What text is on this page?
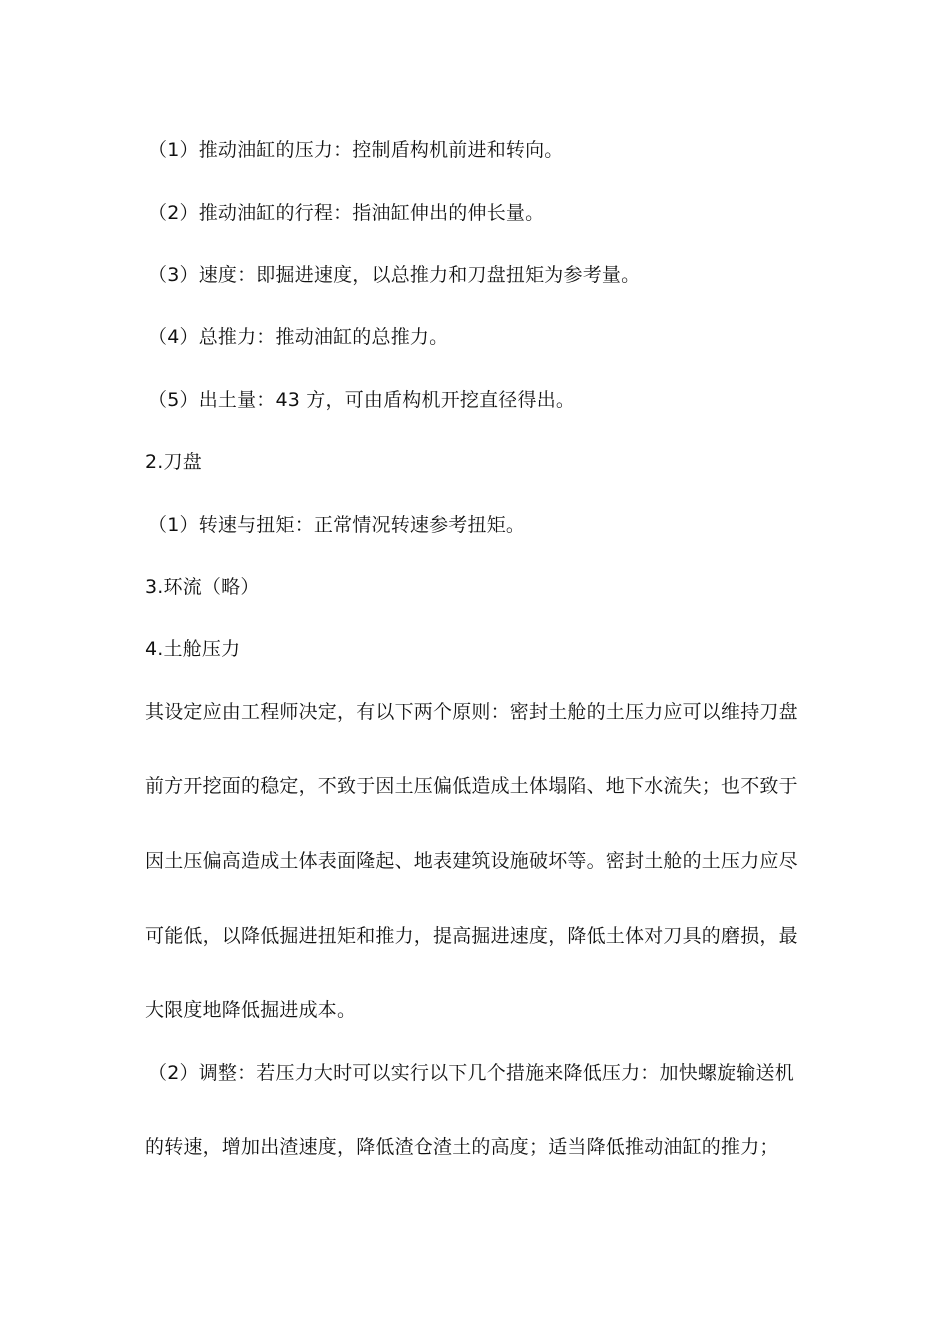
（1）推动油缸的压力：控制盾构机前进和转向。
（2）推动油缸的行程：指油缸伸出的伸长量。
（3）速度：即掘进速度，以总推力和刀盘扭矩为参考量。
（4）总推力：推动油缸的总推力。
（5）出土量：43 方，可由盾构机开挖直径得出。
2.刀盘
（1）转速与扭矩：正常情况转速参考扭矩。
3.环流（略）
4.土舱压力
其设定应由工程师决定，有以下两个原则：密封土舱的土压力应可以维持刀盘
前方开挖面的稳定，不致于因土压偏低造成土体塌陷、地下水流失；也不致于
因土压偏高造成土体表面隆起、地表建筑设施破坏等。密封土舱的土压力应尽
可能低，以降低掘进扭矩和推力，提高掘进速度，降低土体对刀具的磨损，最
大限度地降低掘进成本。
（2）调整：若压力大时可以实行以下几个措施来降低压力：加快螺旋输送机
的转速，增加出渣速度，降低渣仓渣土的高度；适当降低推动油缸的推力；
